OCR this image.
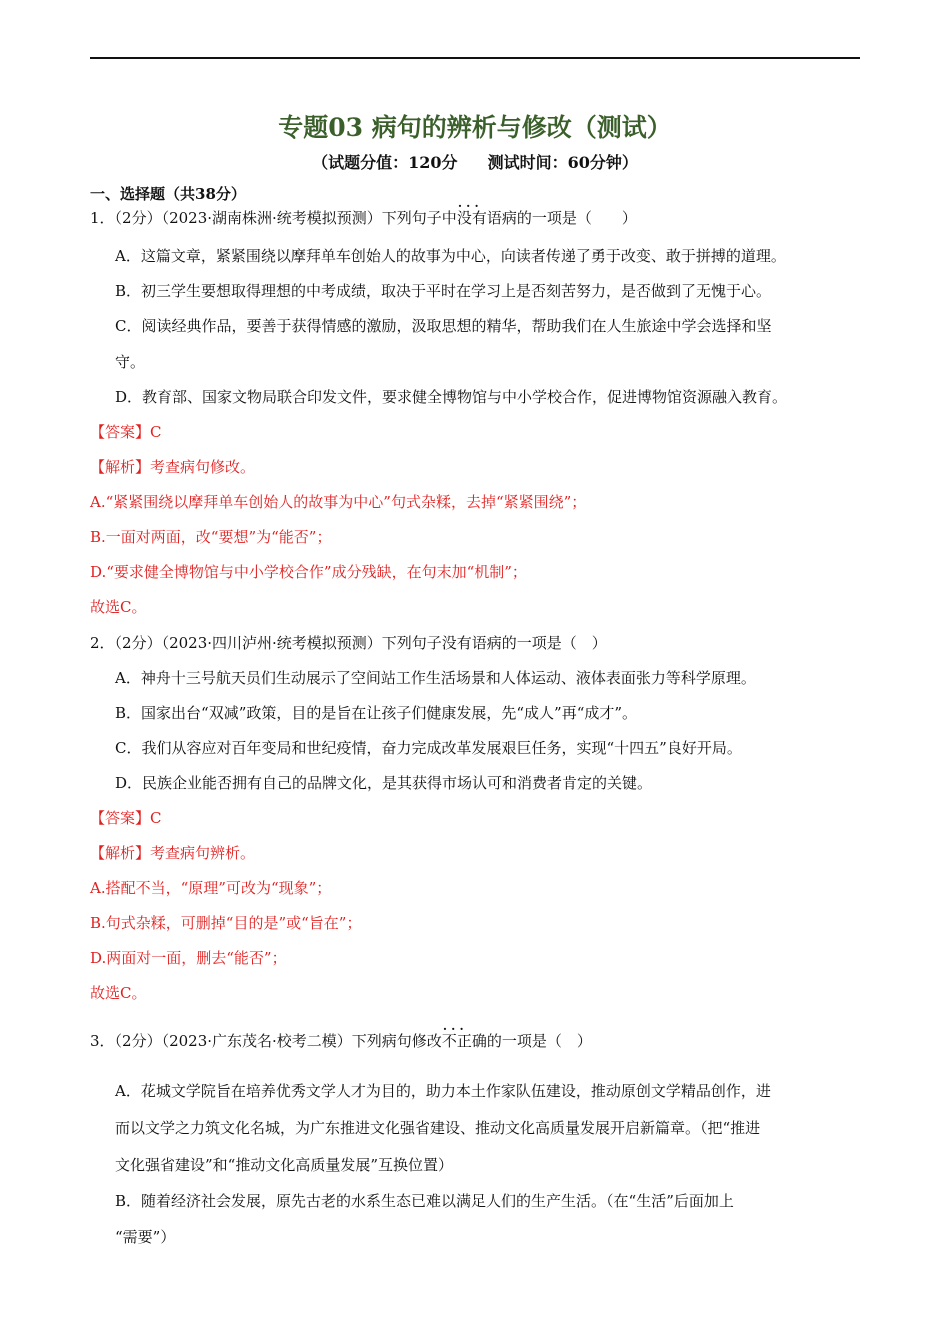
专题03 病句的辨析与修改（测试）
（试题分值：120分 测试时间：60分钟）
一、选择题（共38分）
1．（2分）（2023·湖南株洲·统考模拟预测）下列句子中· · · 没有语病的一项是（　　）
A．这篇文章，紧紧围绕以摩拜单车创始人的故事为中心，向读者传递了勇于改变、敢于拼搏的道理。
B．初三学生要想取得理想的中考成绩，取决于平时在学习上是否刻苦努力，是否做到了无愧于心。
C．阅读经典作品，要善于获得情感的激励，汲取思想的精华，帮助我们在人生旅途中学会选择和坚
守。
D．教育部、国家文物局联合印发文件，要求健全博物馆与中小学校合作，促进博物馆资源融入教育。
【答案】C
【解析】考查病句修改。
A.“紧紧围绕以摩拜单车创始人的故事为中心”句式杂糅，去掉“紧紧围绕”；
B.一面对两面，改“要想”为“能否”；
D.“要求健全博物馆与中小学校合作”成分残缺，在句末加“机制”；
故选C。
2．（2分）（2023·四川泸州·统考模拟预测）下列句子没有语病的一项是（　）
A．神舟十三号航天员们生动展示了空间站工作生活场景和人体运动、液体表面张力等科学原理。
B．国家出台“双减”政策，目的是旨在让孩子们健康发展，先“成人”再“成才”。
C．我们从容应对百年变局和世纪疫情，奋力完成改革发展艰巨任务，实现“十四五”良好开局。
D．民族企业能否拥有自己的品牌文化，是其获得市场认可和消费者肯定的关键。
【答案】C
【解析】考查病句辨析。
A.搭配不当，“原理”可改为“现象”；
B.句式杂糅，可删掉“目的是”或“旨在”；
D.两面对一面，删去“能否”；
故选C。
3．（2分）（2023·广东茂名·校考二模）下列病句修改· · · 不正确的一项是（　）
A．花城文学院旨在培养优秀文学人才为目的，助力本土作家队伍建设，推动原创文学精品创作，进
而以文学之力筑文化名城，为广东推进文化强省建设、推动文化高质量发展开启新篇章。（把“推进
文化强省建设”和“推动文化高质量发展”互换位置）
B．随着经济社会发展，原先古老的水系生态已难以满足人们的生产生活。（在“生活”后面加上
“需要”）
